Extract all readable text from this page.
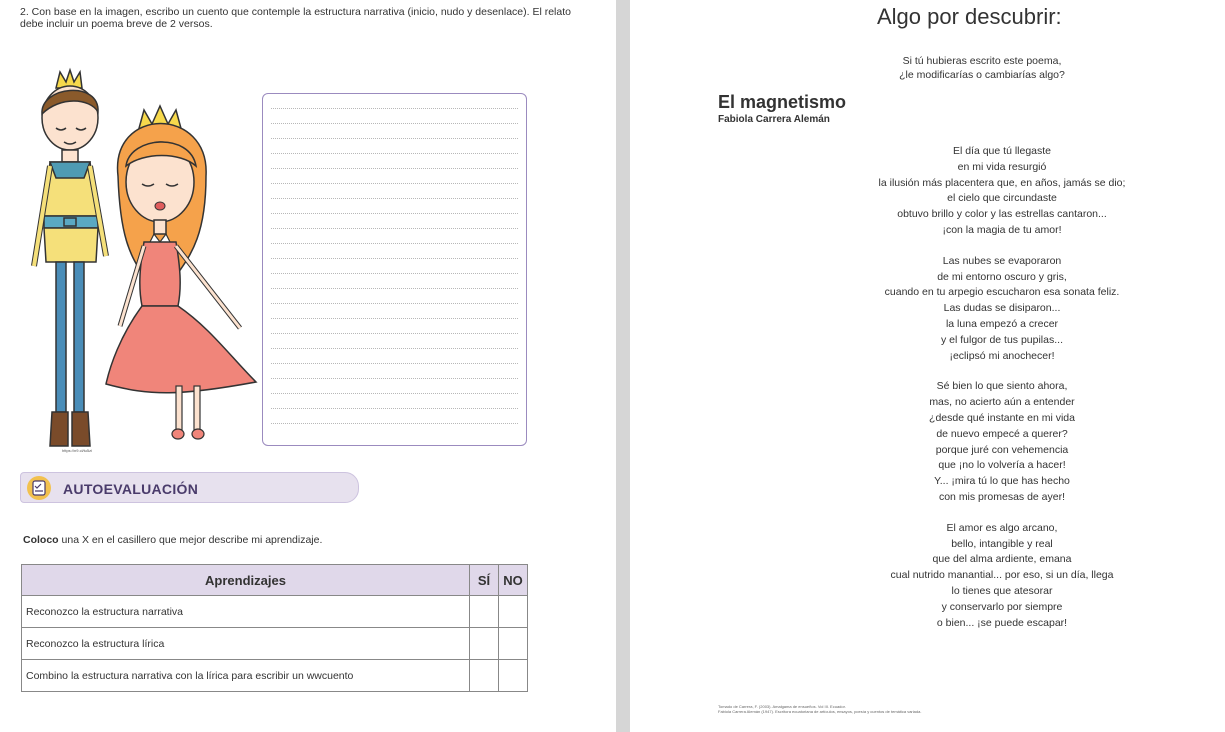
2. Con base en la imagen, escribo un cuento que contemple la estructura narrativa (inicio, nudo y desenlace). El relato debe incluir un poema breve de 2 versos.
https://n9.cl/tu5zi
AUTOEVALUACIÓN
Coloco una X en el casillero que mejor describe mi aprendizaje.
Aprendizajes	SÍ	NO
Reconozco la estructura narrativa		
Reconozco la estructura lírica		
Combino la estructura narrativa con la lírica para escribir un wwcuento		
Algo por descubrir:
Si tú hubieras escrito este poema,
¿le modificarías o cambiarías algo?
El magnetismo
Fabiola Carrera Alemán
El día que tú llegaste
en mi vida resurgió
la ilusión más placentera que, en años, jamás se dio;
el cielo que circundaste
obtuvo brillo y color y las estrellas cantaron...
¡con la magia de tu amor!
Las nubes se evaporaron
de mi entorno oscuro y gris,
cuando en tu arpegio escucharon esa sonata feliz.
Las dudas se disiparon...
la luna empezó a crecer
y el fulgor de tus pupilas...
¡eclipsó mi anochecer!
Sé bien lo que siento ahora,
mas, no acierto aún a entender
¿desde qué instante en mi vida
de nuevo empecé a querer?
porque juré con vehemencia
que ¡no lo volvería a hacer!
Y... ¡mira tú lo que has hecho
con mis promesas de ayer!
El amor es algo arcano,
bello, intangible y real
que del alma ardiente, emana
cual nutrido manantial... por eso, si un día, llega
lo tienes que atesorar
y conservarlo por siempre
o bien... ¡se puede escapar!
Tomado de Carrera, F. (2003). Amalgama de ensueños. Vol III. Ecuador.
Fabiola Carrera Alemán (1947). Escritora ecuatoriana de artículos, ensayos, poesía y cuentos de temática variada.
